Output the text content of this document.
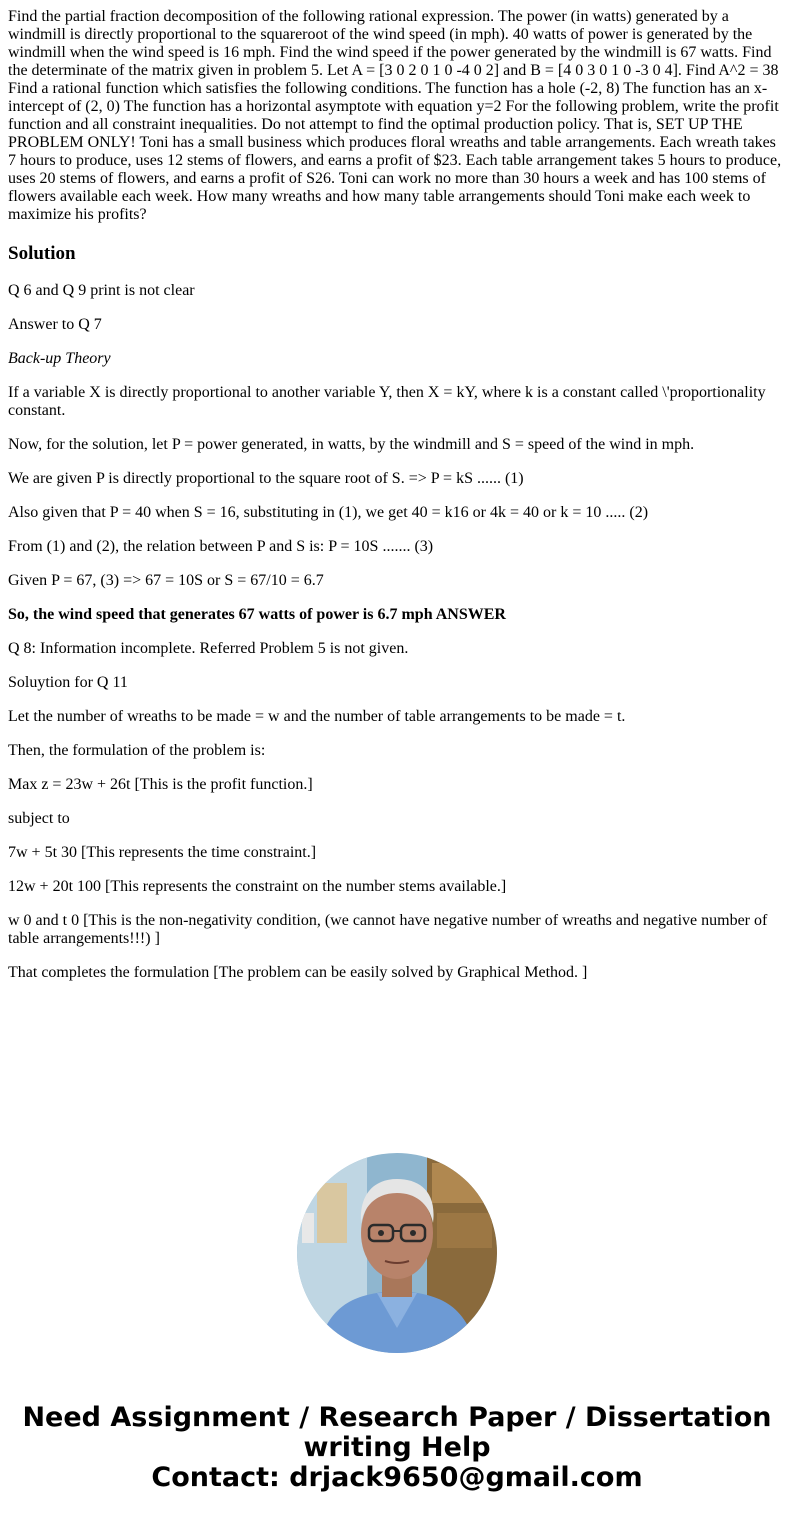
Find the partial fraction decomposition of the following rational expression. The power (in watts) generated by a windmill is directly proportional to the squareroot of the wind speed (in mph). 40 watts of power is generated by the windmill when the wind speed is 16 mph. Find the wind speed if the power generated by the windmill is 67 watts. Find the determinate of the matrix given in problem 5. Let A = [3 0 2 0 1 0 -4 0 2] and B = [4 0 3 0 1 0 -3 0 4]. Find A^2 = 38 Find a rational function which satisfies the following conditions. The function has a hole (-2, 8) The function has an x-intercept of (2, 0) The function has a horizontal asymptote with equation y=2 For the following problem, write the profit function and all constraint inequalities. Do not attempt to find the optimal production policy. That is, SET UP THE PROBLEM ONLY! Toni has a small business which produces floral wreaths and table arrangements. Each wreath takes 7 hours to produce, uses 12 stems of flowers, and earns a profit of $23. Each table arrangement takes 5 hours to produce, uses 20 stems of flowers, and earns a profit of S26. Toni can work no more than 30 hours a week and has 100 stems of flowers available each week. How many wreaths and how many table arrangements should Toni make each week to maximize his profits?
Solution

Q 6 and Q 9 print is not clear

Answer to Q 7

Back-up Theory

If a variable X is directly proportional to another variable Y, then X = kY, where k is a constant called \'proportionality constant.

Now, for the solution, let P = power generated, in watts, by the windmill and S = speed of the wind in mph.

We are given P is directly proportional to the square root of S. => P = kS ...... (1)

Also given that P = 40 when S = 16, substituting in (1), we get 40 = k16 or 4k = 40 or k = 10 ..... (2)

From (1) and (2), the relation between P and S is: P = 10S ....... (3)

Given P = 67, (3) => 67 = 10S or S = 67/10 = 6.7

So, the wind speed that generates 67 watts of power is 6.7 mph ANSWER

Q 8: Information incomplete. Referred Problem 5 is not given.

Soluytion for Q 11

Let the number of wreaths to be made = w and the number of table arrangements to be made = t.

Then, the formulation of the problem is:

Max z = 23w + 26t [This is the profit function.]

subject to

7w + 5t 30 [This represents the time constraint.]

12w + 20t 100 [This represents the constraint on the number stems available.]

w 0 and t 0 [This is the non-negativity condition, (we cannot have negative number of wreaths and negative number of table arrangements!!!) ]

That completes the formulation [The problem can be easily solved by Graphical Method. ]

Need Assignment / Research Paper / Dissertation
writing Help
Contact: drjack9650@gmail.com
